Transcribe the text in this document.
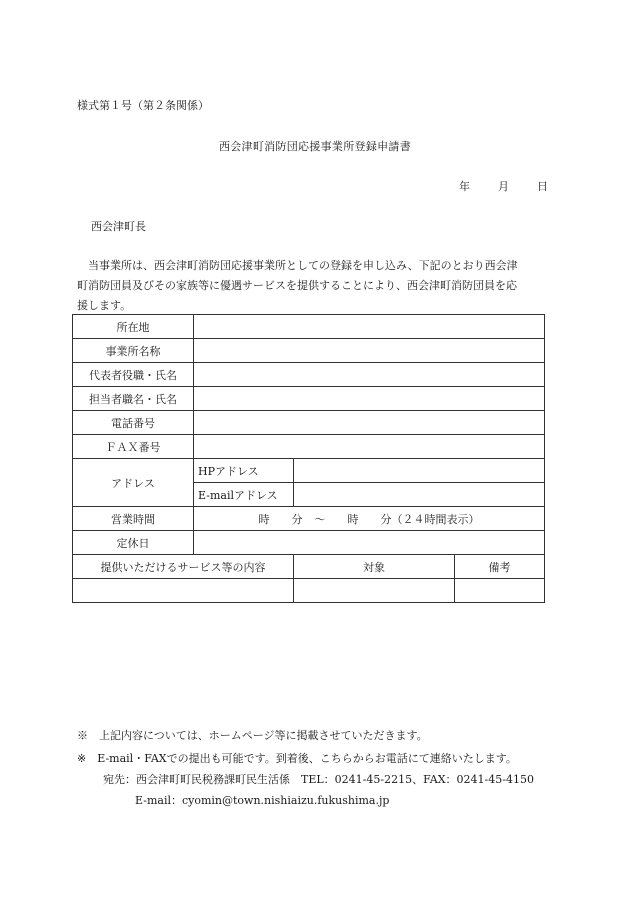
様式第１号（第２条関係）
西会津町消防団応援事業所登録申請書
年	月	日
西会津町長

当事業所は、西会津町消防団応援事業所としての登録を申し込み、下記のとおり西会津

町消防団員及びその家族等に優遇サービスを提供することにより、西会津町消防団員を応

援します。

所在地			
事業所名称			
代表者役職・氏名			
担当者職名・氏名			
電話番号			
ＦＡＸ番号			
アドレス	HPアドレス		
	E-mailアドレス		
営業時間	時 分 ～ 時 分（２４時間表示）		
定休日			
提供いただけるサービス等の内容		対象	備考

※　上記内容については、ホームページ等に掲載させていただきます。
※　E-mail・FAXでの提出も可能です。到着後、こちらからお電話にて連絡いたします。
宛先：西会津町町民税務課町民生活係　TEL：0241-45-2215、FAX：0241-45-4150
E-mail：cyomin@town.nishiaizu.fukushima.jp
